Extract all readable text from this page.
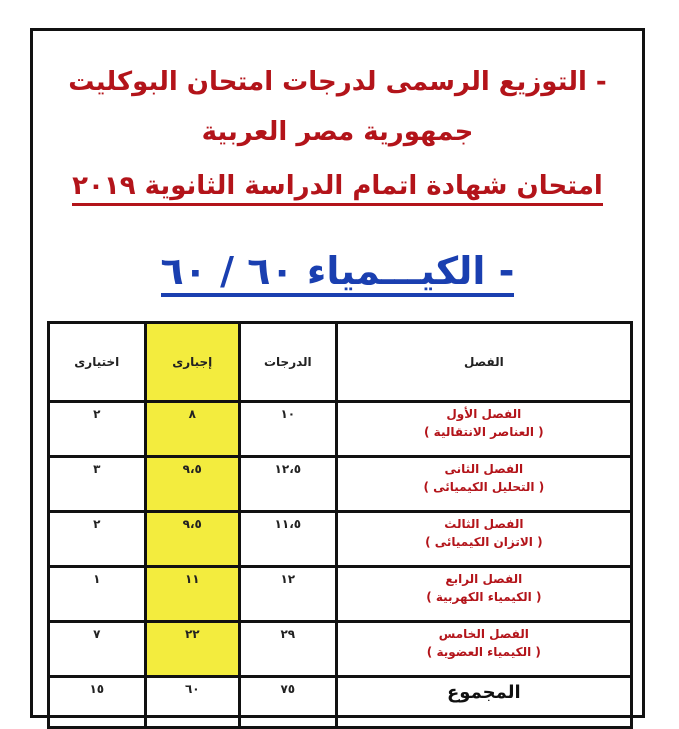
- التوزيع الرسمى لدرجات امتحان البوكليت
جمهورية مصر العربية
امتحان شهادة اتمام الدراسة الثانوية ٢٠١٩
- الكيـــمياء ٦٠ / ٦٠
اختيارى	إجبارى	الدرجات	الفصل
٢	٨	١٠	الفصل الأول
( العناصر الانتقالية )

٣	٩،٥	١٢،٥	الفصل الثانى
( التحليل الكيميائى )

٢	٩،٥	١١،٥	الفصل الثالث
( الاتزان الكيميائى )

١	١١	١٢	الفصل الرابع
( الكيمياء الكهربية )

٧	٢٢	٢٩	الفصل الخامس
( الكيمياء العضوية )

١٥	٦٠	٧٥	المجموع
